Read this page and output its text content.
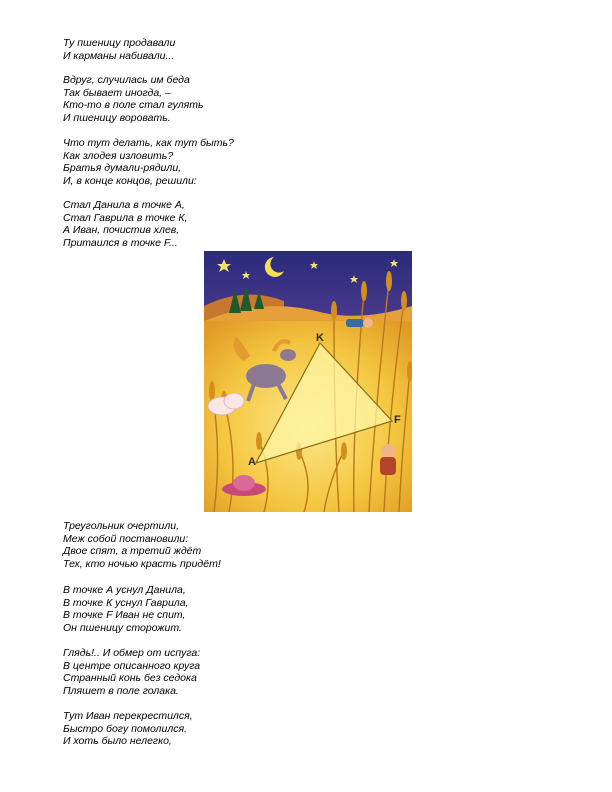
Ту пшеницу продавали
И карманы набивали...
Вдруг, случилась им беда
Так бывает иногда, –
Кто-то в поле стал гулять
И пшеницу воровать.
Что тут делать, как тут быть?
Как злодея изловить?
Братья думали-рядили,
И, в конце концов, решили:
Стал Данила в точке А,
Стал Гаврила в точке К,
А Иван, почистив хлев,
Притаился в точке F...
K
F
A
Треугольник очертили,
Меж собой постановили:
Двое спят, а третий ждёт
Тех, кто ночью красть придёт!
В точке А уснул Данила,
В точке К уснул Гаврила,
В точке F Иван не спит,
Он пшеницу сторожит.
Глядь!.. И обмер от испуга:
В центре описанного круга
Странный конь без седока
Пляшет в поле голака.
Тут Иван перекрестился,
Быстро богу помолился.
И хоть было нелегко,
